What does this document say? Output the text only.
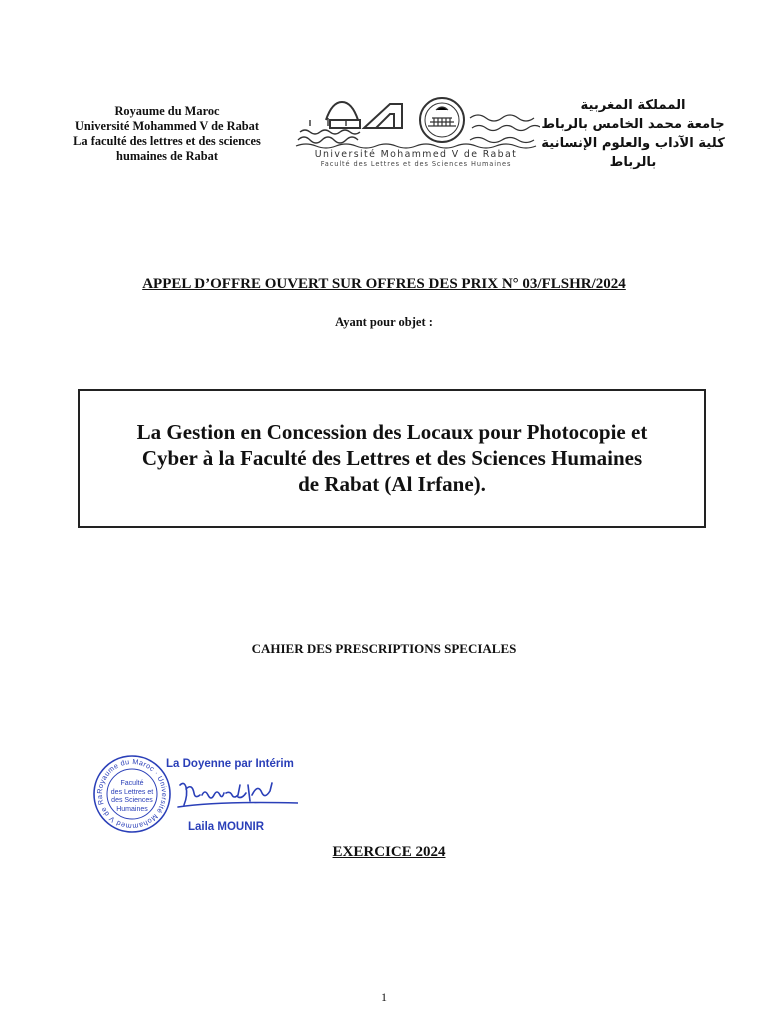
Royaume du Maroc
Université Mohammed V de Rabat
La faculté des lettres et des sciences
humaines de Rabat	Université Mohammed V de Rabat
Faculté des Lettres et des Sciences Humaines
المملكة المغربية
جامعة محمد الخامس بالرباط
كلية الآداب والعلوم الإنسانية
بالرباط
APPEL D’OFFRE OUVERT SUR OFFRES DES PRIX N° 03/FLSHR/2024
Ayant pour objet :
La Gestion en Concession des Locaux pour Photocopie et
Cyber à la Faculté des Lettres et des Sciences Humaines
de Rabat (Al Irfane).
CAHIER DES PRESCRIPTIONS SPECIALES
Royaume du Maroc · Université Mohammed V de Ra
Faculté
des Lettres et
des Sciences
Humaines
La Doyenne par Intérim
Laila MOUNIR
EXERCICE 2024
1
